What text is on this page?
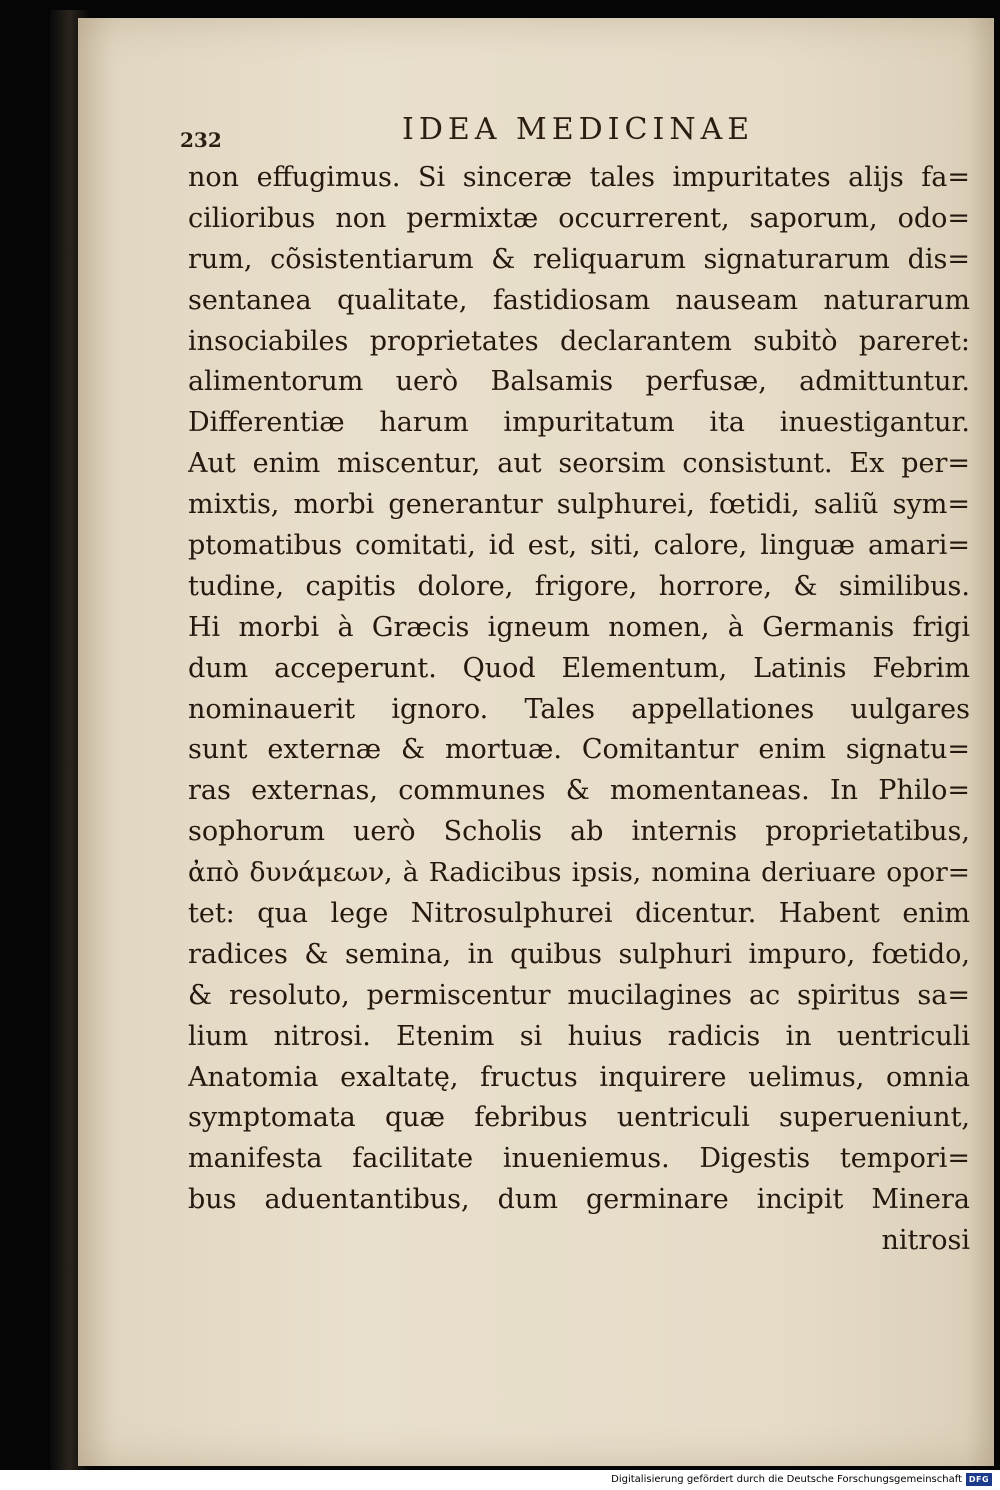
232	IDEA MEDICINAE
non effugimus. Si sinceræ tales impuritates alijs fa=
cilioribus non permixtæ occurrerent, saporum, odo=
rum, cõsistentiarum & reliquarum signaturarum dis=
sentanea qualitate, fastidiosam nauseam naturarum
insociabiles proprietates declarantem subitò pareret:
alimentorum uerò Balsamis perfusæ, admittuntur.
Differentiæ harum impuritatum ita inuestigantur.
Aut enim miscentur, aut seorsim consistunt. Ex per=
mixtis, morbi generantur sulphurei, fœtidi, saliũ sym=
ptomatibus comitati, id est, siti, calore, linguæ amari=
tudine, capitis dolore, frigore, horrore, & similibus.
Hi morbi à Græcis igneum nomen, à Germanis frigi
dum acceperunt. Quod Elementum, Latinis Febrim
nominauerit ignoro. Tales appellationes uulgares
sunt externæ & mortuæ. Comitantur enim signatu=
ras externas, communes & momentaneas. In Philo=
sophorum uerò Scholis ab internis proprietatibus,
ἀπὸ δυνάμεων, à Radicibus ipsis, nomina deriuare opor=
tet: qua lege Nitrosulphurei dicentur. Habent enim
radices & semina, in quibus sulphuri impuro, fœtido,
& resoluto, permiscentur mucilagines ac spiritus sa=
lium nitrosi. Etenim si huius radicis in uentriculi
Anatomia exaltatę, fructus inquirere uelimus, omnia
symptomata quæ febribus uentriculi superueniunt,
manifesta facilitate inueniemus. Digestis tempori=
bus aduentantibus, dum germinare incipit Minera
nitrosi
Digitalisierung gefördert durch die Deutsche Forschungsgemeinschaft DFG
